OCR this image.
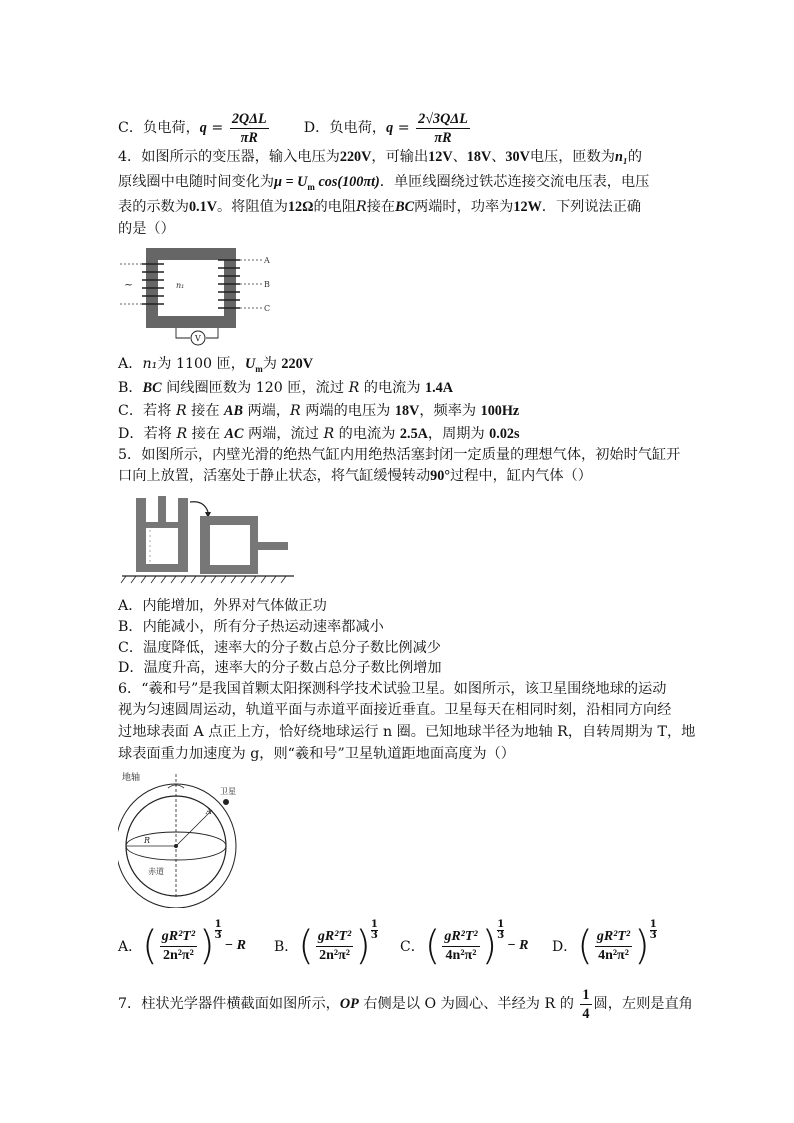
C．负电荷，$q = \frac{\text{2QΔL}}{\pi R}$ D．负电荷，$q = \frac{\text{2√3QΔL}}{\pi R}$
4．如图所示的变压器，输入电压为220V，可输出12V、18V、30V电压，匝数为n₁的
原线圈中电随时间变化为$\mu = U_m$ cos(100πt)．单匝线圈绕过铁芯连接交流电压表，电压
表的示数为0.1V。将阻值为12Ω的电阻R接在BC两端时，功率为12W．下列说法正确
的是（）
~	n₁
A
B
C
V
A．n₁为 1100 匝，$U_m$为 220V
B．BC 间线圈匝数为 120 匝，流过 R 的电流为 1.4A
C．若将 R 接在 AB 两端，R 两端的电压为 18V，频率为 100Hz
D．若将 R 接在 AC 两端，流过 R 的电流为 2.5A，周期为 0.02s
5．如图所示，内壁光滑的绝热气缸内用绝热活塞封闭一定质量的理想气体，初始时气缸开
口向上放置，活塞处于静止状态，将气缸缓慢转动90°过程中，缸内气体（）
A．内能增加，外界对气体做正功
B．内能减小，所有分子热运动速率都减小
C．温度降低，速率大的分子数占总分子数比例减少
D．温度升高，速率大的分子数占总分子数比例增加
6．“羲和号”是我国首颗太阳探测科学技术试验卫星。如图所示，该卫星围绕地球的运动
视为匀速圆周运动，轨道平面与赤道平面接近垂直。卫星每天在相同时刻，沿相同方向经
过地球表面 A 点正上方，恰好绕地球运行 n 圈。已知地球半径为地轴 R，自转周期为 T，地
球表面重力加速度为 g，则“羲和号”卫星轨道距地面高度为（）
地轴
卫星
A
R
赤道
A． ( $\frac{\text{gR²T²}}{\text{2n²π²}}$ ) $\frac{1}{3}$
− R B． ( $\frac{\text{gR²T²}}{\text{2n²π²}}$ ) $\frac{1}{3}$
C． ( $\frac{\text{gR²T²}}{\text{4n²π²}}$ ) $\frac{1}{3}$
− R D． ( $\frac{\text{gR²T²}}{\text{4n²π²}}$ ) $\frac{1}{3}$
7．柱状光学器件横截面如图所示，OP 右侧是以 O 为圆心、半经为 R 的 $\frac{1}{4}$ 圆，左则是直角
